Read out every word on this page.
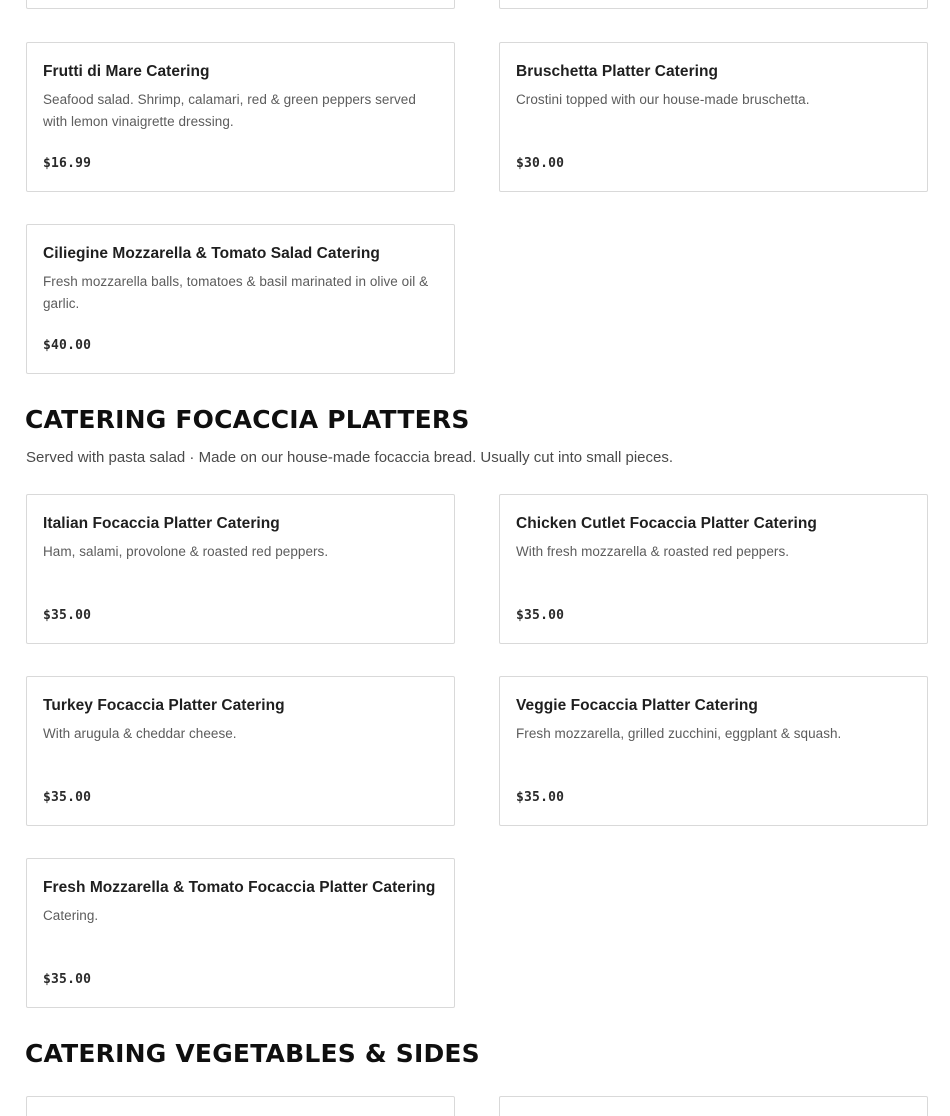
Frutti di Mare Catering
Seafood salad. Shrimp, calamari, red & green peppers served with lemon vinaigrette dressing.
$16.99
Bruschetta Platter Catering
Crostini topped with our house-made bruschetta.
$30.00
Ciliegine Mozzarella & Tomato Salad Catering
Fresh mozzarella balls, tomatoes & basil marinated in olive oil & garlic.
$40.00
CATERING FOCACCIA PLATTERS
Served with pasta salad · Made on our house-made focaccia bread. Usually cut into small pieces.
Italian Focaccia Platter Catering
Ham, salami, provolone & roasted red peppers.
$35.00
Chicken Cutlet Focaccia Platter Catering
With fresh mozzarella & roasted red peppers.
$35.00
Turkey Focaccia Platter Catering
With arugula & cheddar cheese.
$35.00
Veggie Focaccia Platter Catering
Fresh mozzarella, grilled zucchini, eggplant & squash.
$35.00
Fresh Mozzarella & Tomato Focaccia Platter Catering
Catering.
$35.00
CATERING VEGETABLES & SIDES
